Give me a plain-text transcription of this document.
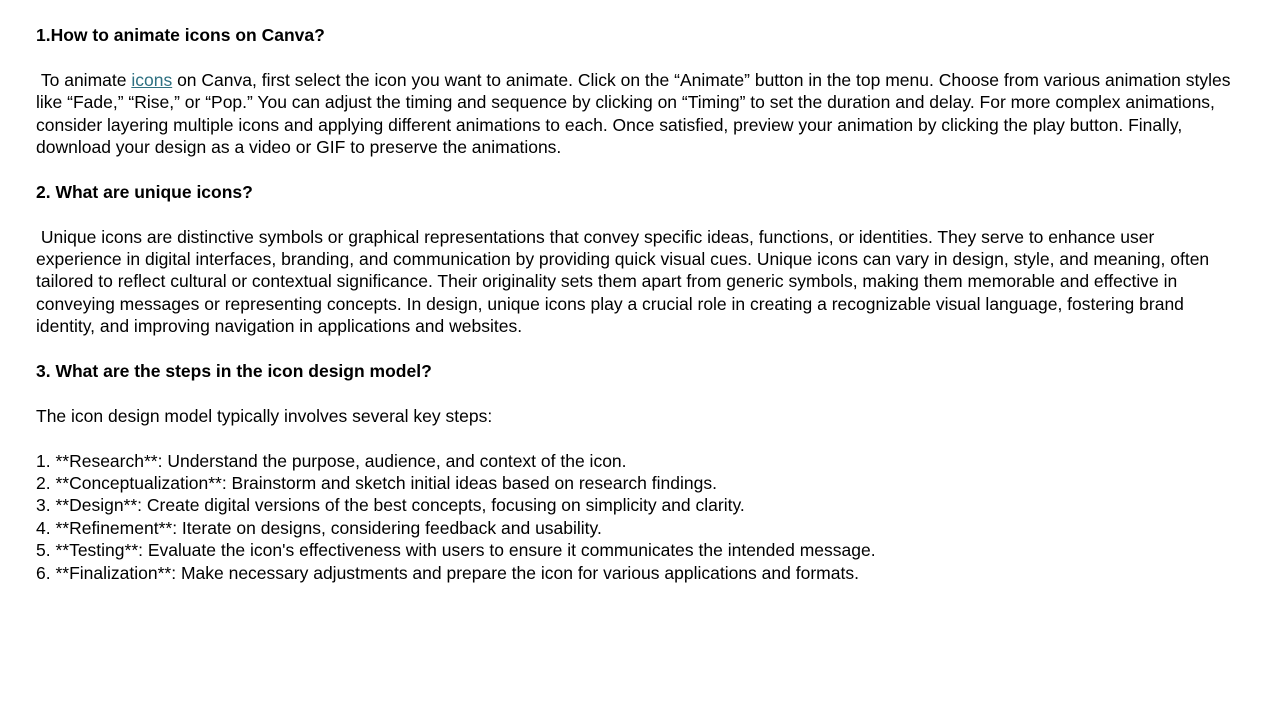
1.How to animate icons on Canva?

To animate icons on Canva, first select the icon you want to animate. Click on the “Animate” button in the top menu. Choose from various animation styles like “Fade,” “Rise,” or “Pop.” You can adjust the timing and sequence by clicking on “Timing” to set the duration and delay. For more complex animations, consider layering multiple icons and applying different animations to each. Once satisfied, preview your animation by clicking the play button. Finally, download your design as a video or GIF to preserve the animations.

2. What are unique icons?

Unique icons are distinctive symbols or graphical representations that convey specific ideas, functions, or identities. They serve to enhance user experience in digital interfaces, branding, and communication by providing quick visual cues. Unique icons can vary in design, style, and meaning, often tailored to reflect cultural or contextual significance. Their originality sets them apart from generic symbols, making them memorable and effective in conveying messages or representing concepts. In design, unique icons play a crucial role in creating a recognizable visual language, fostering brand identity, and improving navigation in applications and websites.

3. What are the steps in the icon design model?

The icon design model typically involves several key steps:

1. **Research**: Understand the purpose, audience, and context of the icon.
2. **Conceptualization**: Brainstorm and sketch initial ideas based on research findings.
3. **Design**: Create digital versions of the best concepts, focusing on simplicity and clarity.
4. **Refinement**: Iterate on designs, considering feedback and usability.
5. **Testing**: Evaluate the icon's effectiveness with users to ensure it communicates the intended message.
6. **Finalization**: Make necessary adjustments and prepare the icon for various applications and formats.
